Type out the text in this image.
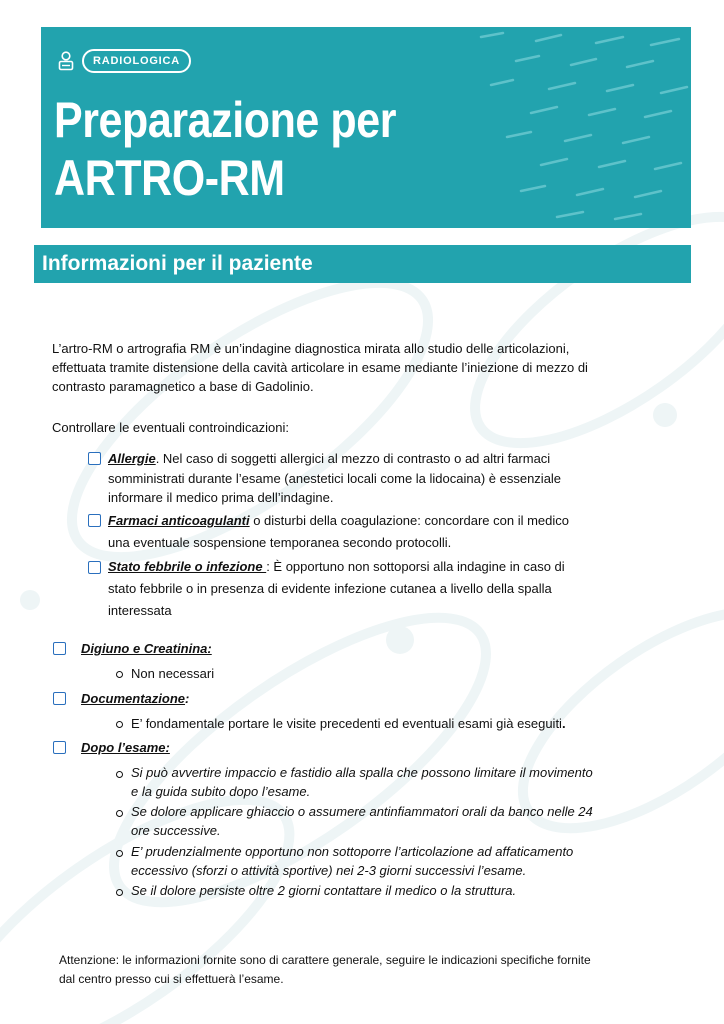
RADIOLOGICA
Preparazione per
ARTRO-RM
Informazioni per il paziente

L’artro-RM o artrografia RM è un’indagine diagnostica mirata allo studio delle articolazioni,

effettuata tramite distensione della cavità articolare in esame mediante l’iniezione di mezzo di

contrasto paramagnetico a base di Gadolinio.

Controllare le eventuali controindicazioni:

Allergie. Nel caso di soggetti allergici al mezzo di contrasto o ad altri farmaci

somministrati durante l’esame (anestetici locali come la lidocaina) è essenziale

informare il medico prima dell’indagine.

Farmaci anticoagulanti o disturbi della coagulazione: concordare con il medico

una eventuale sospensione temporanea secondo protocolli.

Stato febbrile o infezione : È opportuno non sottoporsi alla indagine in caso di

stato febbrile o in presenza di evidente infezione cutanea a livello della spalla

interessata

Digiuno e Creatinina:

Non necessari

Documentazione:

E’ fondamentale portare le visite precedenti ed eventuali esami già eseguiti.

Dopo l’esame:

Si può avvertire impaccio e fastidio alla spalla che possono limitare il movimento

e la guida subito dopo l’esame.

Se dolore applicare ghiaccio o assumere antinfiammatori orali da banco nelle 24

ore successive.

E’ prudenzialmente opportuno non sottoporre l’articolazione ad affaticamento

eccessivo (sforzi o attività sportive) nei 2-3 giorni successivi l’esame.

Se il dolore persiste oltre 2 giorni contattare il medico o la struttura.

Attenzione: le informazioni fornite sono di carattere generale, seguire le indicazioni specifiche fornite

dal centro presso cui si effettuerà l’esame.
